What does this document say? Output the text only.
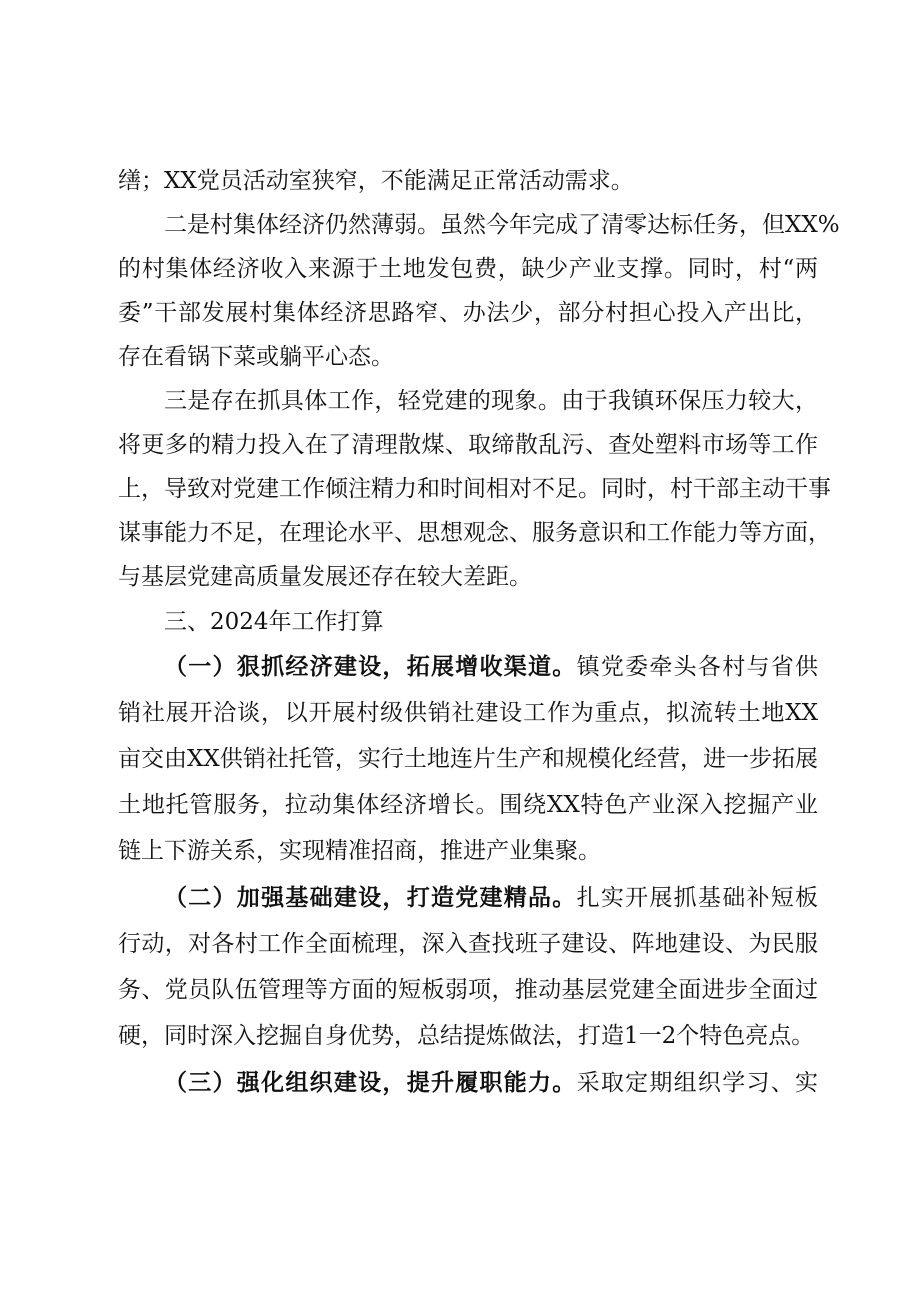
缮；XX党员活动室狭窄，不能满足正常活动需求。
二是村集体经济仍然薄弱。虽然今年完成了清零达标任务，但XX%
的村集体经济收入来源于土地发包费，缺少产业支撑。同时，村“两
委”干部发展村集体经济思路窄、办法少，部分村担心投入产出比，
存在看锅下菜或躺平心态。
三是存在抓具体工作，轻党建的现象。由于我镇环保压力较大，
将更多的精力投入在了清理散煤、取缔散乱污、查处塑料市场等工作
上，导致对党建工作倾注精力和时间相对不足。同时，村干部主动干事
谋事能力不足，在理论水平、思想观念、服务意识和工作能力等方面，
与基层党建高质量发展还存在较大差距。
三、2024年工作打算
（一）狠抓经济建设，拓展增收渠道。镇党委牵头各村与省供
销社展开洽谈，以开展村级供销社建设工作为重点，拟流转土地XX
亩交由XX供销社托管，实行土地连片生产和规模化经营，进一步拓展
土地托管服务，拉动集体经济增长。围绕XX特色产业深入挖掘产业
链上下游关系，实现精准招商，推进产业集聚。
（二）加强基础建设，打造党建精品。扎实开展抓基础补短板
行动，对各村工作全面梳理，深入查找班子建设、阵地建设、为民服
务、党员队伍管理等方面的短板弱项，推动基层党建全面进步全面过
硬，同时深入挖掘自身优势，总结提炼做法，打造1一2个特色亮点。
（三）强化组织建设，提升履职能力。采取定期组织学习、实
